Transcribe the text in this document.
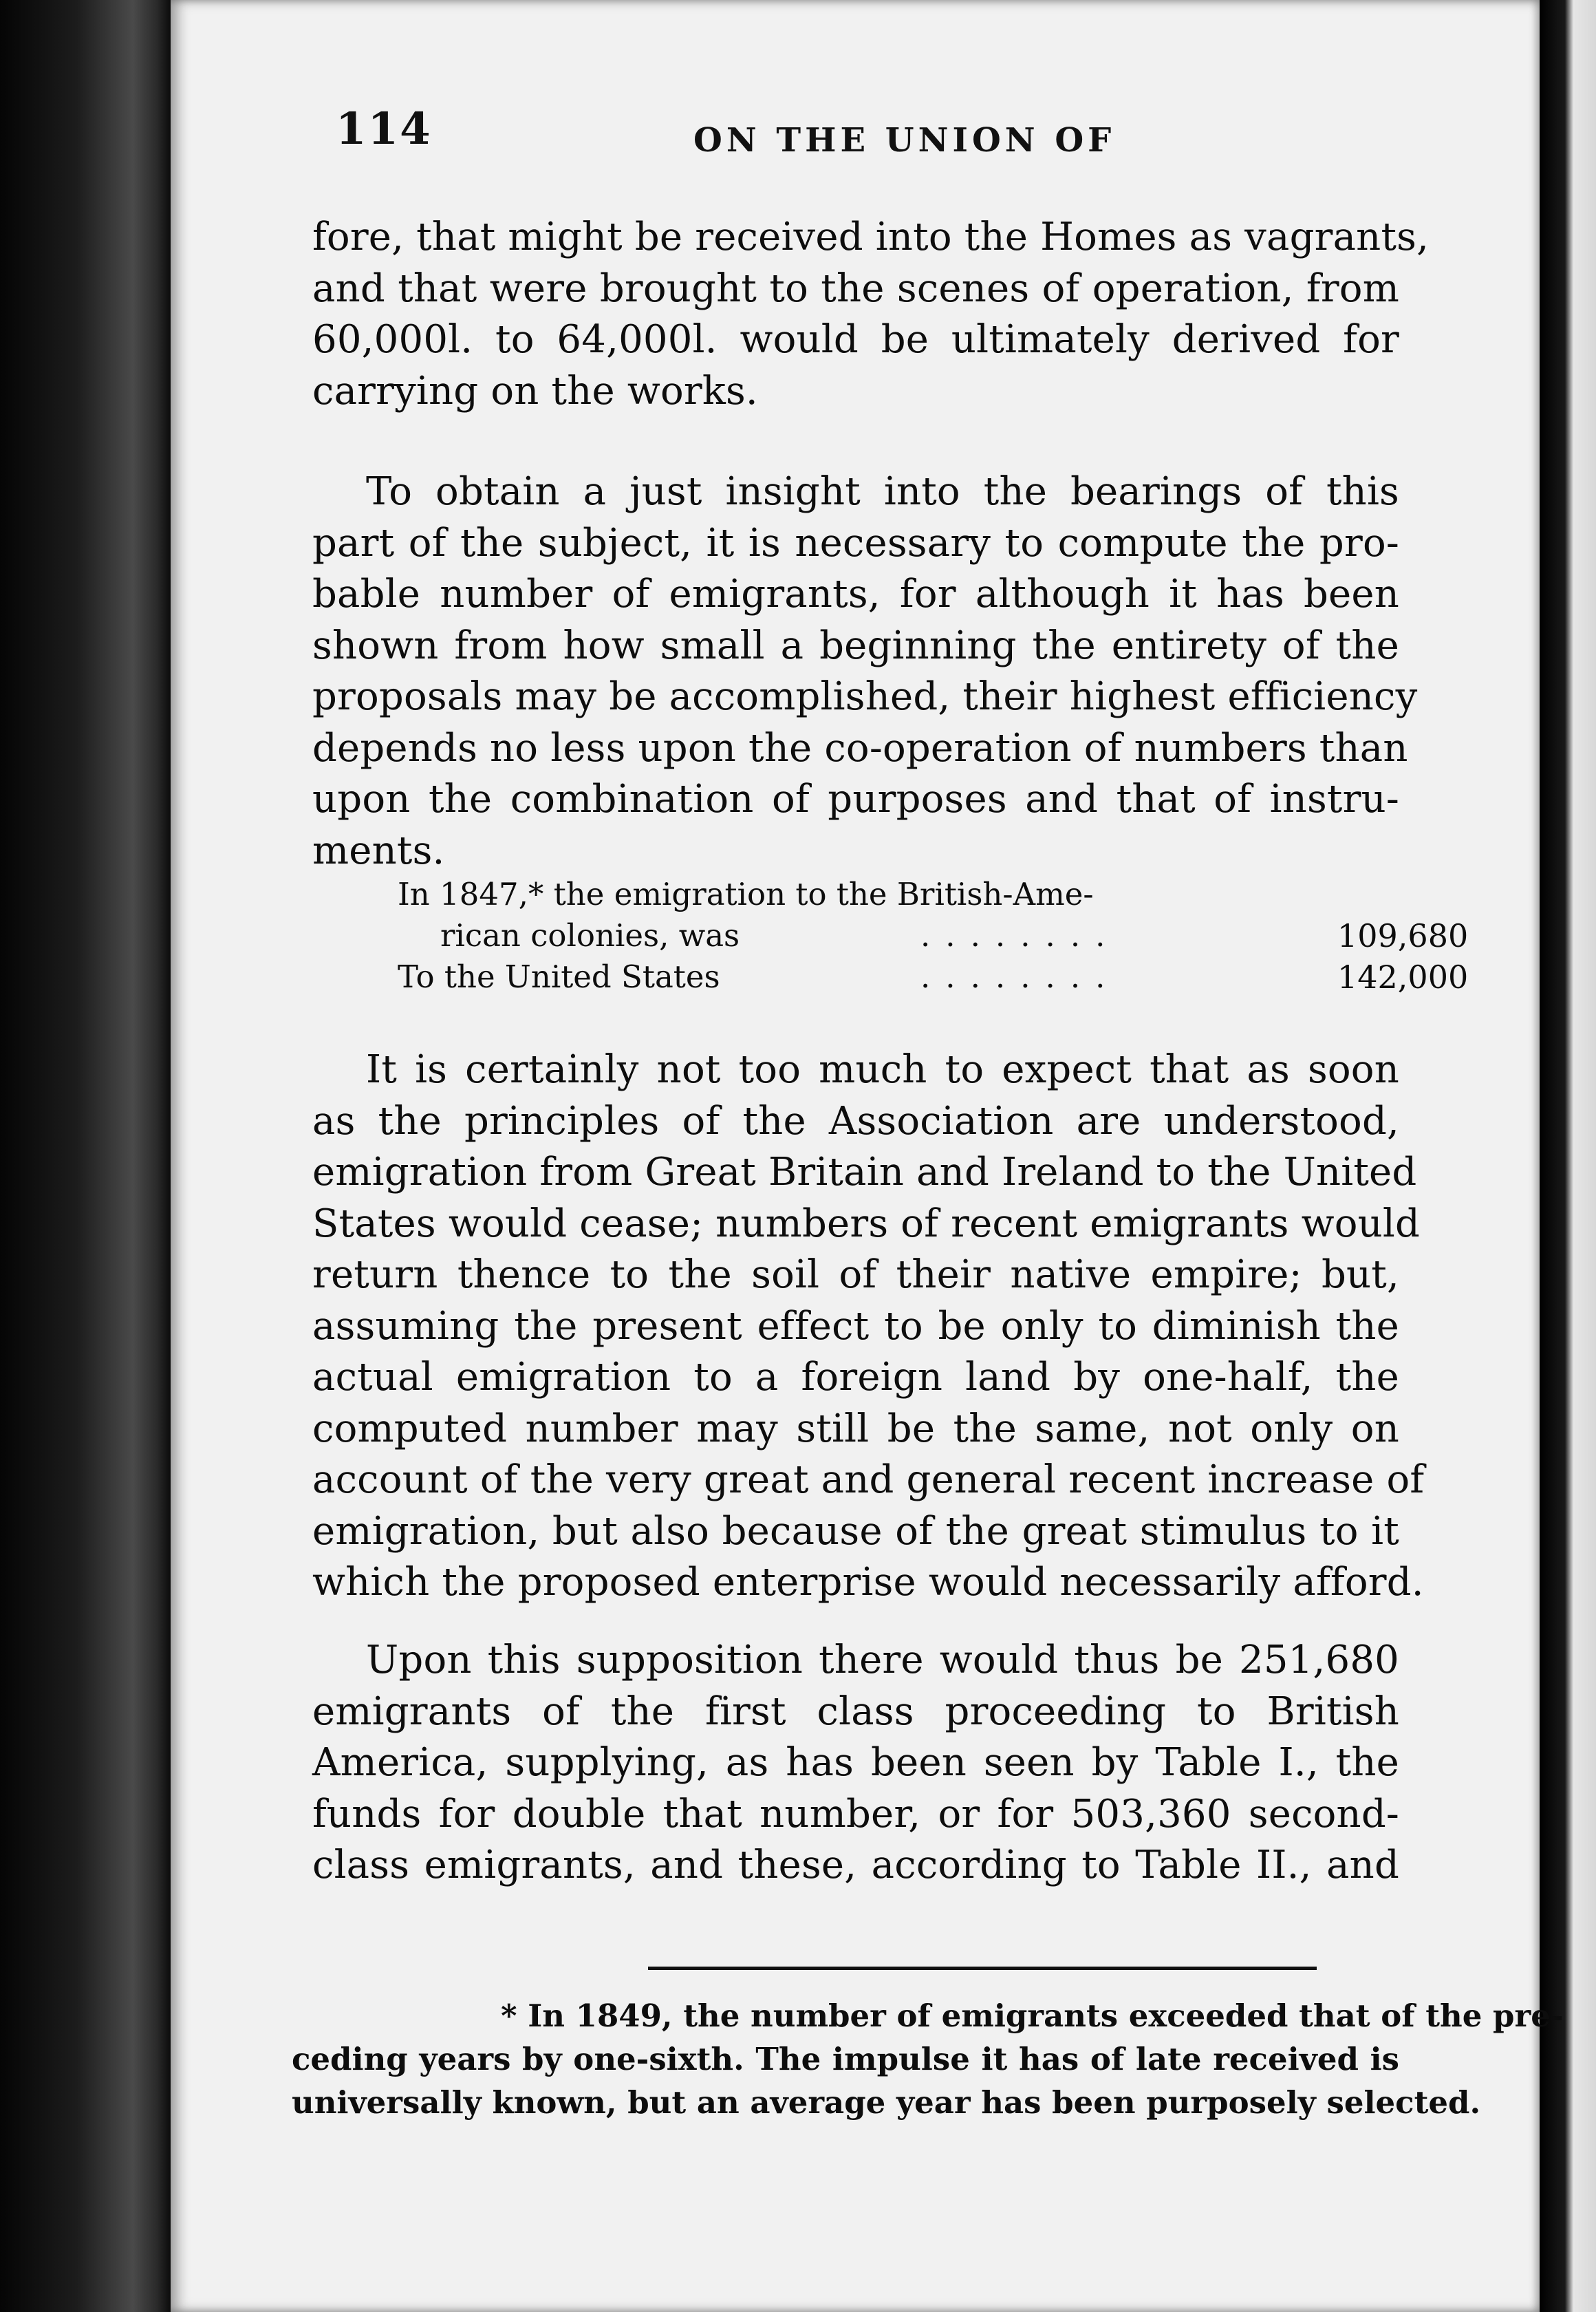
114	ON THE UNION OF
fore, that might be received into the Homes as vagrants,
and that were brought to the scenes of operation, from
60,000l. to 64,000l. would be ultimately derived for
carrying on the works.
To obtain a just insight into the bearings of this
part of the subject, it is necessary to compute the pro-
bable number of emigrants, for although it has been
shown from how small a beginning the entirety of the
proposals may be accomplished, their highest efficiency
depends no less upon the co-operation of numbers than
upon the combination of purposes and that of instru-
ments.
In 1847,* the emigration to the British-Ame-
rican colonies, was	........	109,680
To the United States	........	142,000
It is certainly not too much to expect that as soon
as the principles of the Association are understood,
emigration from Great Britain and Ireland to the United
States would cease; numbers of recent emigrants would
return thence to the soil of their native empire; but,
assuming the present effect to be only to diminish the
actual emigration to a foreign land by one-half, the
computed number may still be the same, not only on
account of the very great and general recent increase of
emigration, but also because of the great stimulus to it
which the proposed enterprise would necessarily afford.
Upon this supposition there would thus be 251,680
emigrants of the first class proceeding to British
America, supplying, as has been seen by Table I., the
funds for double that number, or for 503,360 second-
class emigrants, and these, according to Table II., and
* In 1849, the number of emigrants exceeded that of the pre-
ceding years by one-sixth. The impulse it has of late received is
universally known, but an average year has been purposely selected.
